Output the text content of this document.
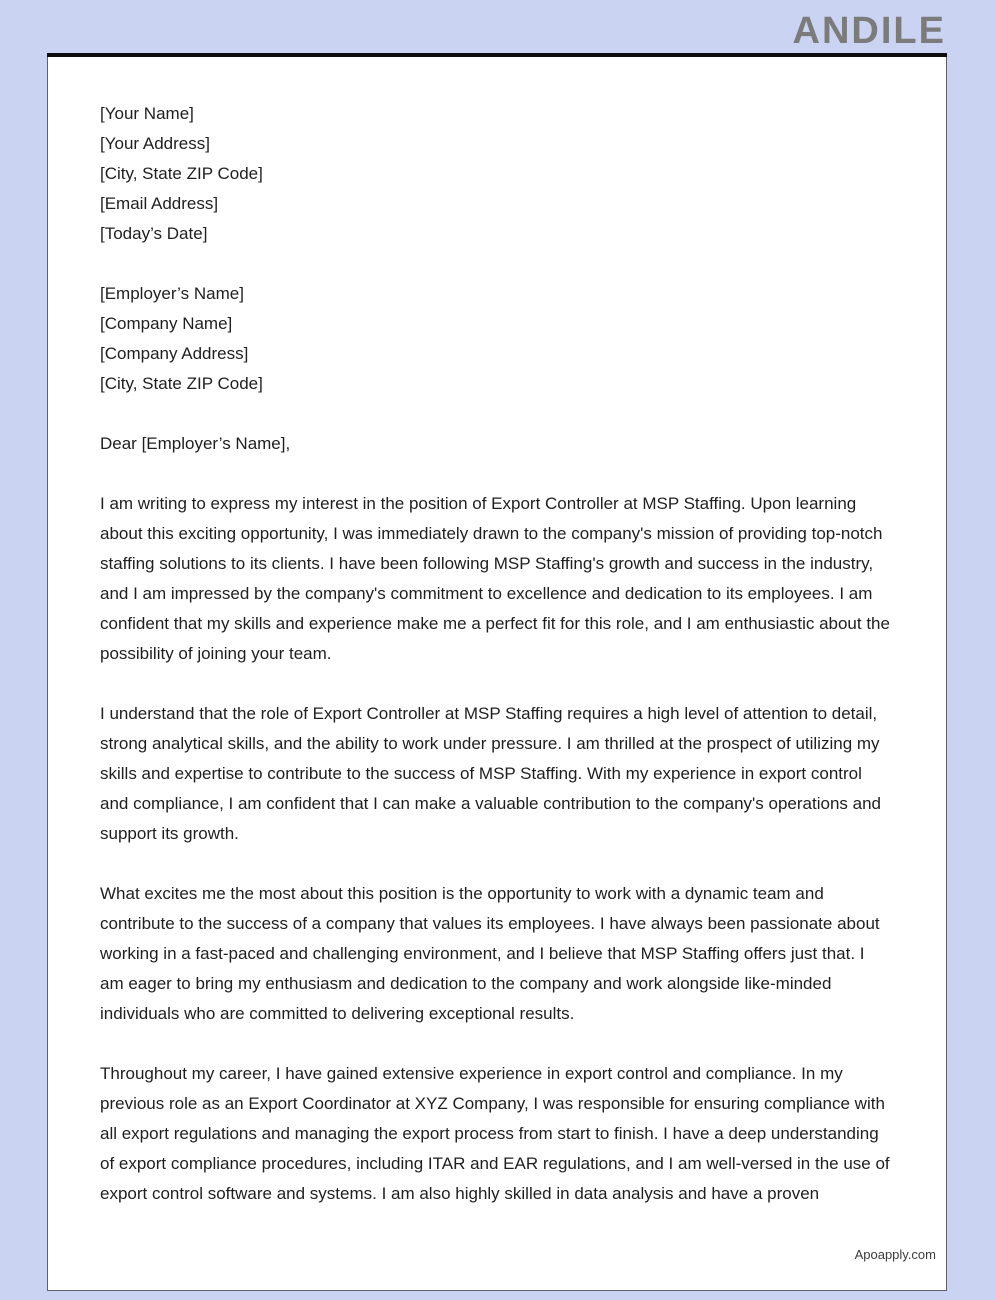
ANDILE

[Your Name]

[Your Address]

[City, State ZIP Code]

[Email Address]

[Today’s Date]

[Employer’s Name]

[Company Name]

[Company Address]

[City, State ZIP Code]

Dear [Employer’s Name],

I am writing to express my interest in the position of Export Controller at MSP Staffing. Upon learning about this exciting opportunity, I was immediately drawn to the company's mission of providing top-notch staffing solutions to its clients. I have been following MSP Staffing's growth and success in the industry, and I am impressed by the company's commitment to excellence and dedication to its employees. I am confident that my skills and experience make me a perfect fit for this role, and I am enthusiastic about the possibility of joining your team.

I understand that the role of Export Controller at MSP Staffing requires a high level of attention to detail, strong analytical skills, and the ability to work under pressure. I am thrilled at the prospect of utilizing my skills and expertise to contribute to the success of MSP Staffing. With my experience in export control and compliance, I am confident that I can make a valuable contribution to the company's operations and support its growth.

What excites me the most about this position is the opportunity to work with a dynamic team and contribute to the success of a company that values its employees. I have always been passionate about working in a fast-paced and challenging environment, and I believe that MSP Staffing offers just that. I am eager to bring my enthusiasm and dedication to the company and work alongside like-minded individuals who are committed to delivering exceptional results.

Throughout my career, I have gained extensive experience in export control and compliance. In my previous role as an Export Coordinator at XYZ Company, I was responsible for ensuring compliance with all export regulations and managing the export process from start to finish. I have a deep understanding of export compliance procedures, including ITAR and EAR regulations, and I am well-versed in the use of export control software and systems. I am also highly skilled in data analysis and have a proven

Apoapply.com
